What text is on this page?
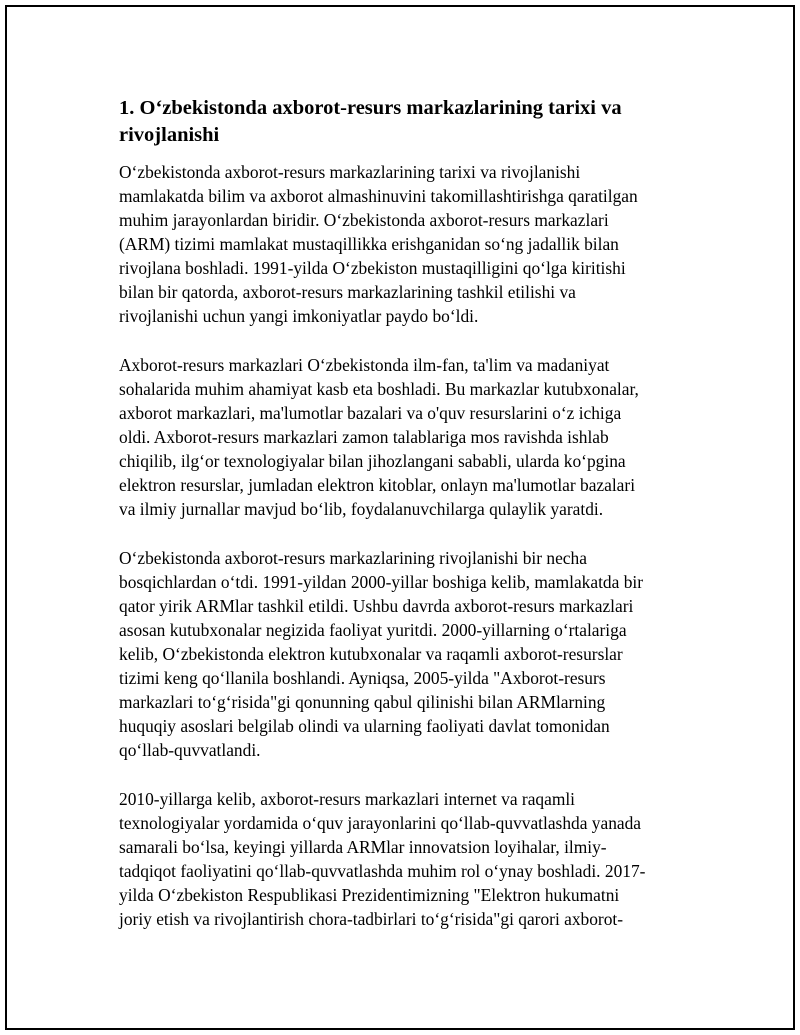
1. O‘zbekistonda axborot-resurs markazlarining tarixi va
rivojlanishi

O‘zbekistonda axborot-resurs markazlarining tarixi va rivojlanishi
mamlakatda bilim va axborot almashinuvini takomillashtirishga qaratilgan
muhim jarayonlardan biridir. O‘zbekistonda axborot-resurs markazlari
(ARM) tizimi mamlakat mustaqillikka erishganidan so‘ng jadallik bilan
rivojlana boshladi. 1991-yilda O‘zbekiston mustaqilligini qo‘lga kiritishi
bilan bir qatorda, axborot-resurs markazlarining tashkil etilishi va
rivojlanishi uchun yangi imkoniyatlar paydo bo‘ldi.

Axborot-resurs markazlari O‘zbekistonda ilm-fan, ta'lim va madaniyat
sohalarida muhim ahamiyat kasb eta boshladi. Bu markazlar kutubxonalar,
axborot markazlari, ma'lumotlar bazalari va o'quv resurslarini o‘z ichiga
oldi. Axborot-resurs markazlari zamon talablariga mos ravishda ishlab
chiqilib, ilg‘or texnologiyalar bilan jihozlangani sababli, ularda ko‘pgina
elektron resurslar, jumladan elektron kitoblar, onlayn ma'lumotlar bazalari
va ilmiy jurnallar mavjud bo‘lib, foydalanuvchilarga qulaylik yaratdi.

O‘zbekistonda axborot-resurs markazlarining rivojlanishi bir necha
bosqichlardan o‘tdi. 1991-yildan 2000-yillar boshiga kelib, mamlakatda bir
qator yirik ARMlar tashkil etildi. Ushbu davrda axborot-resurs markazlari
asosan kutubxonalar negizida faoliyat yuritdi. 2000-yillarning o‘rtalariga
kelib, O‘zbekistonda elektron kutubxonalar va raqamli axborot-resurslar
tizimi keng qo‘llanila boshlandi. Ayniqsa, 2005-yilda "Axborot-resurs
markazlari to‘g‘risida"gi qonunning qabul qilinishi bilan ARMlarning
huquqiy asoslari belgilab olindi va ularning faoliyati davlat tomonidan
qo‘llab-quvvatlandi.

2010-yillarga kelib, axborot-resurs markazlari internet va raqamli
texnologiyalar yordamida o‘quv jarayonlarini qo‘llab-quvvatlashda yanada
samarali bo‘lsa, keyingi yillarda ARMlar innovatsion loyihalar, ilmiy-
tadqiqot faoliyatini qo‘llab-quvvatlashda muhim rol o‘ynay boshladi. 2017-
yilda O‘zbekiston Respublikasi Prezidentimizning "Elektron hukumatni
joriy etish va rivojlantirish chora-tadbirlari to‘g‘risida"gi qarori axborot-
